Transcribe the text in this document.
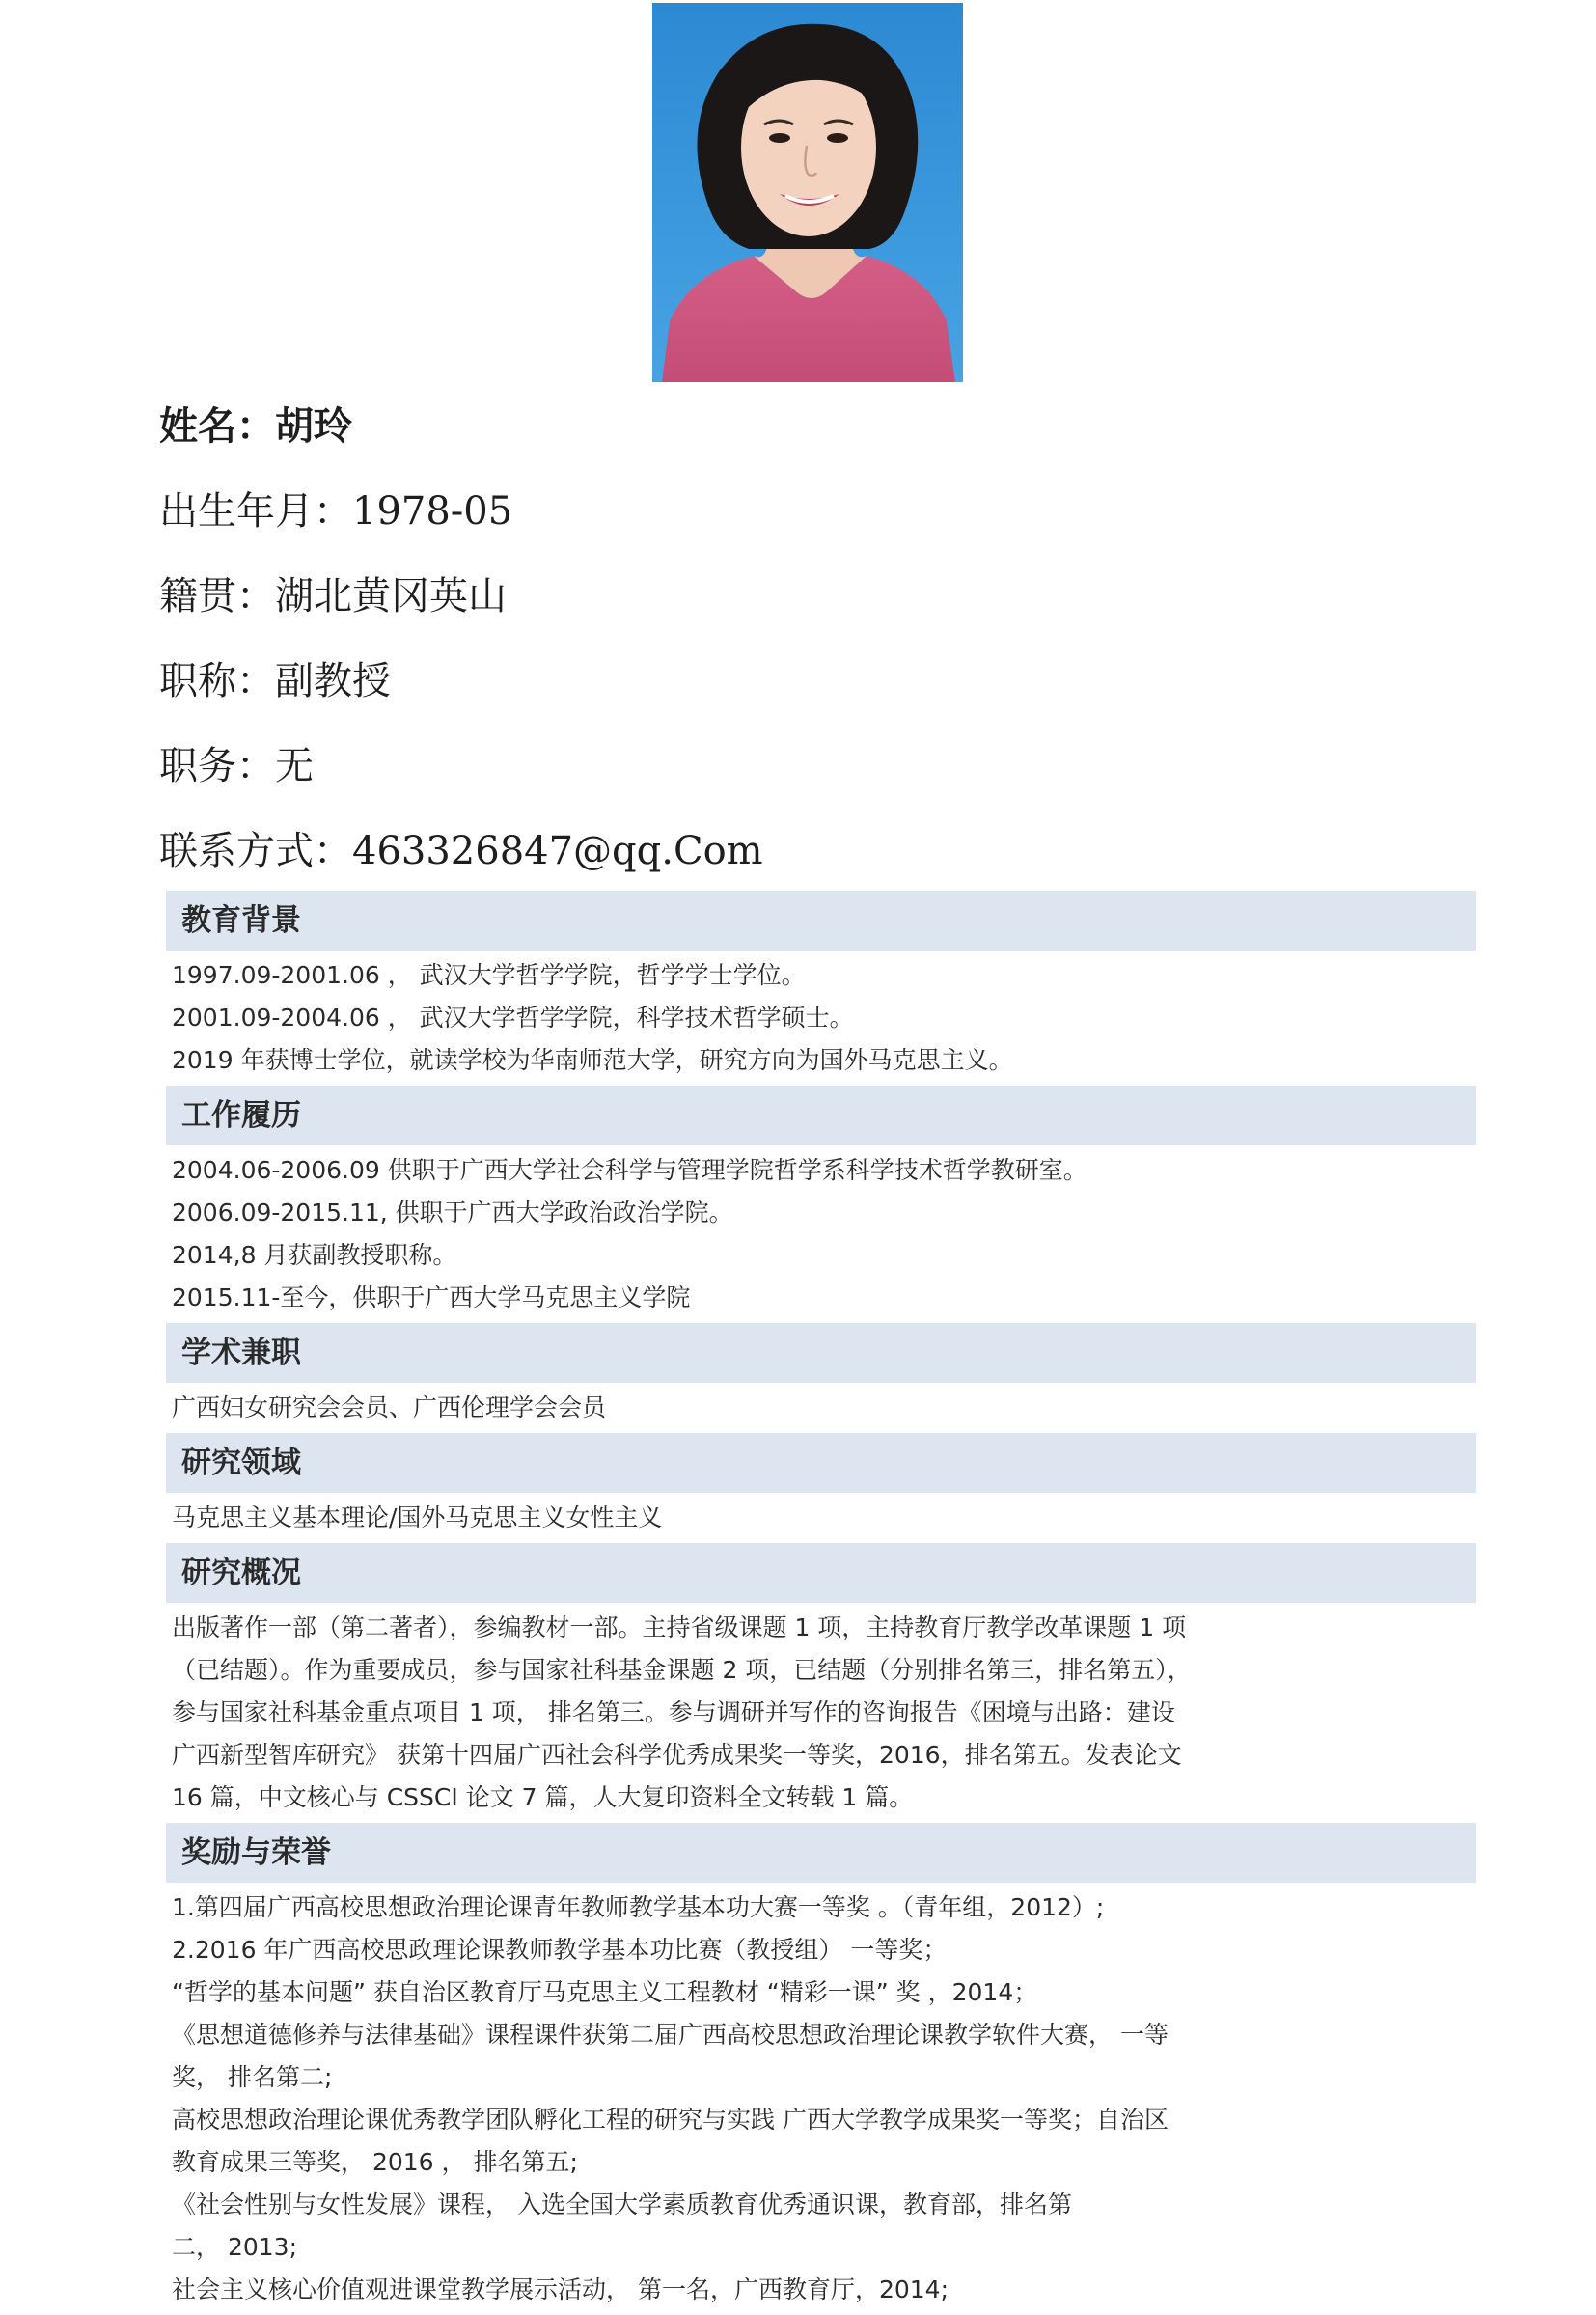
姓名：胡玲
出生年月：1978-05
籍贯：湖北黄冈英山
职称：副教授
职务：无
联系方式：463326847@qq.Com
教育背景
1997.09-2001.06 ， 武汉大学哲学学院，哲学学士学位。
2001.09-2004.06 ， 武汉大学哲学学院，科学技术哲学硕士。
2019 年获博士学位，就读学校为华南师范大学，研究方向为国外马克思主义。
工作履历
2004.06-2006.09 供职于广西大学社会科学与管理学院哲学系科学技术哲学教研室。
2006.09-2015.11, 供职于广西大学政治政治学院。
2014,8 月获副教授职称。
2015.11-至今，供职于广西大学马克思主义学院
学术兼职
广西妇女研究会会员、广西伦理学会会员
研究领域
马克思主义基本理论/国外马克思主义女性主义
研究概况
出版著作一部（第二著者），参编教材一部。主持省级课题 1 项，主持教育厅教学改革课题 1 项
（已结题）。作为重要成员，参与国家社科基金课题 2 项，已结题（分别排名第三，排名第五），
参与国家社科基金重点项目 1 项， 排名第三。参与调研并写作的咨询报告《困境与出路：建设
广西新型智库研究》 获第十四届广西社会科学优秀成果奖一等奖，2016，排名第五。发表论文
16 篇，中文核心与 CSSCI 论文 7 篇，人大复印资料全文转载 1 篇。
奖励与荣誉
1.第四届广西高校思想政治理论课青年教师教学基本功大赛一等奖 。（青年组，2012）;
2.2016 年广西高校思政理论课教师教学基本功比赛（教授组） 一等奖；
“哲学的基本问题” 获自治区教育厅马克思主义工程教材 “精彩一课” 奖 ，2014；
《思想道德修养与法律基础》课程课件获第二届广西高校思想政治理论课教学软件大赛， 一等
奖， 排名第二;
高校思想政治理论课优秀教学团队孵化工程的研究与实践 广西大学教学成果奖一等奖；自治区
教育成果三等奖， 2016 ， 排名第五;
《社会性别与女性发展》课程， 入选全国大学素质教育优秀通识课，教育部，排名第
二， 2013;
社会主义核心价值观进课堂教学展示活动， 第一名，广西教育厅，2014;
